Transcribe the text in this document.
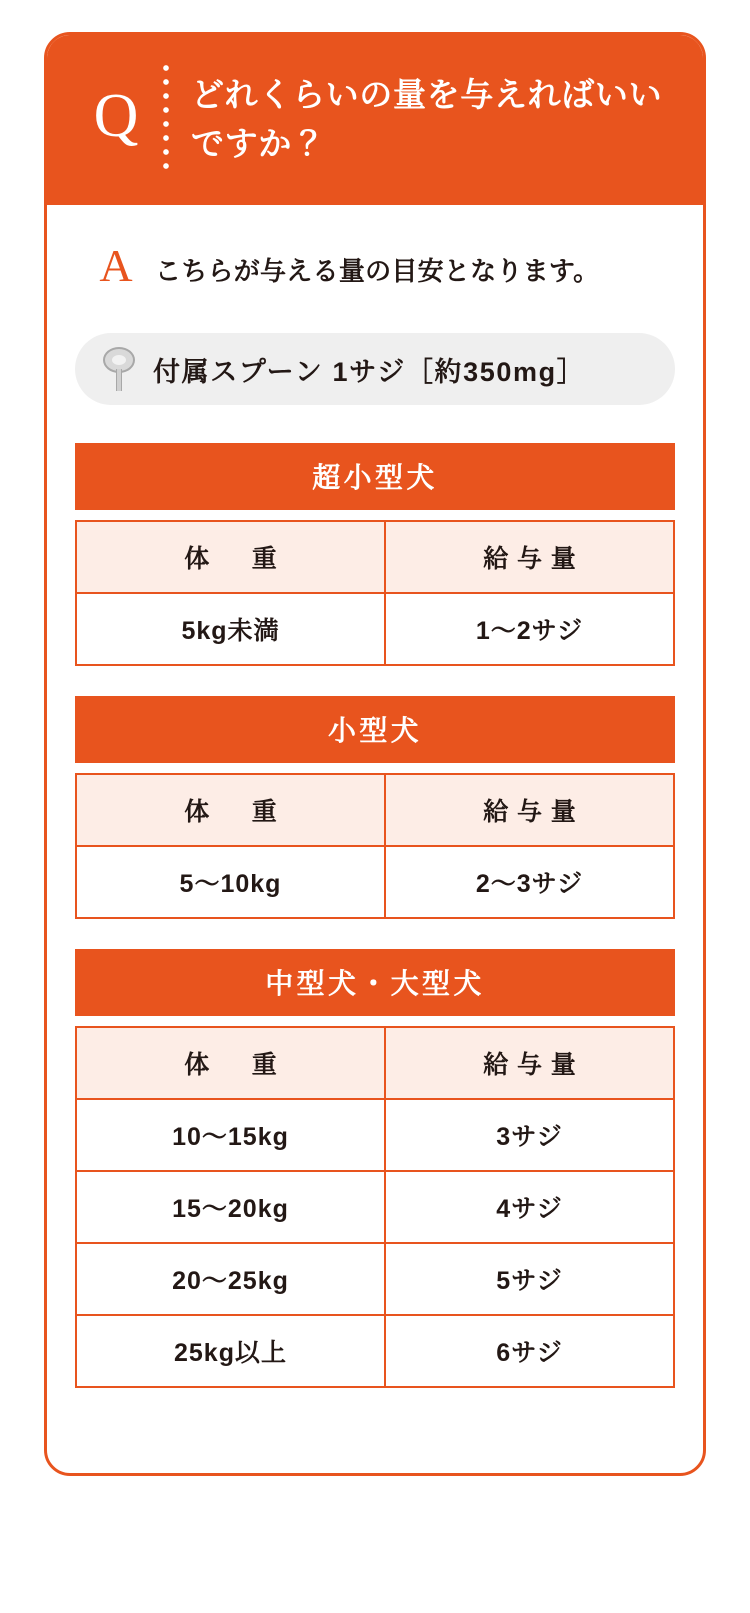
Q	どれくらいの量を与えればいいですか？
A こちらが与える量の目安となります。
付属スプーン 1サジ［約350mg］
超小型犬
体　重	給与量
5kg未満	1〜2サジ
小型犬
体　重	給与量
5〜10kg	2〜3サジ
中型犬・大型犬
体　重	給与量
10〜15kg	3サジ
15〜20kg	4サジ
20〜25kg	5サジ
25kg以上	6サジ
